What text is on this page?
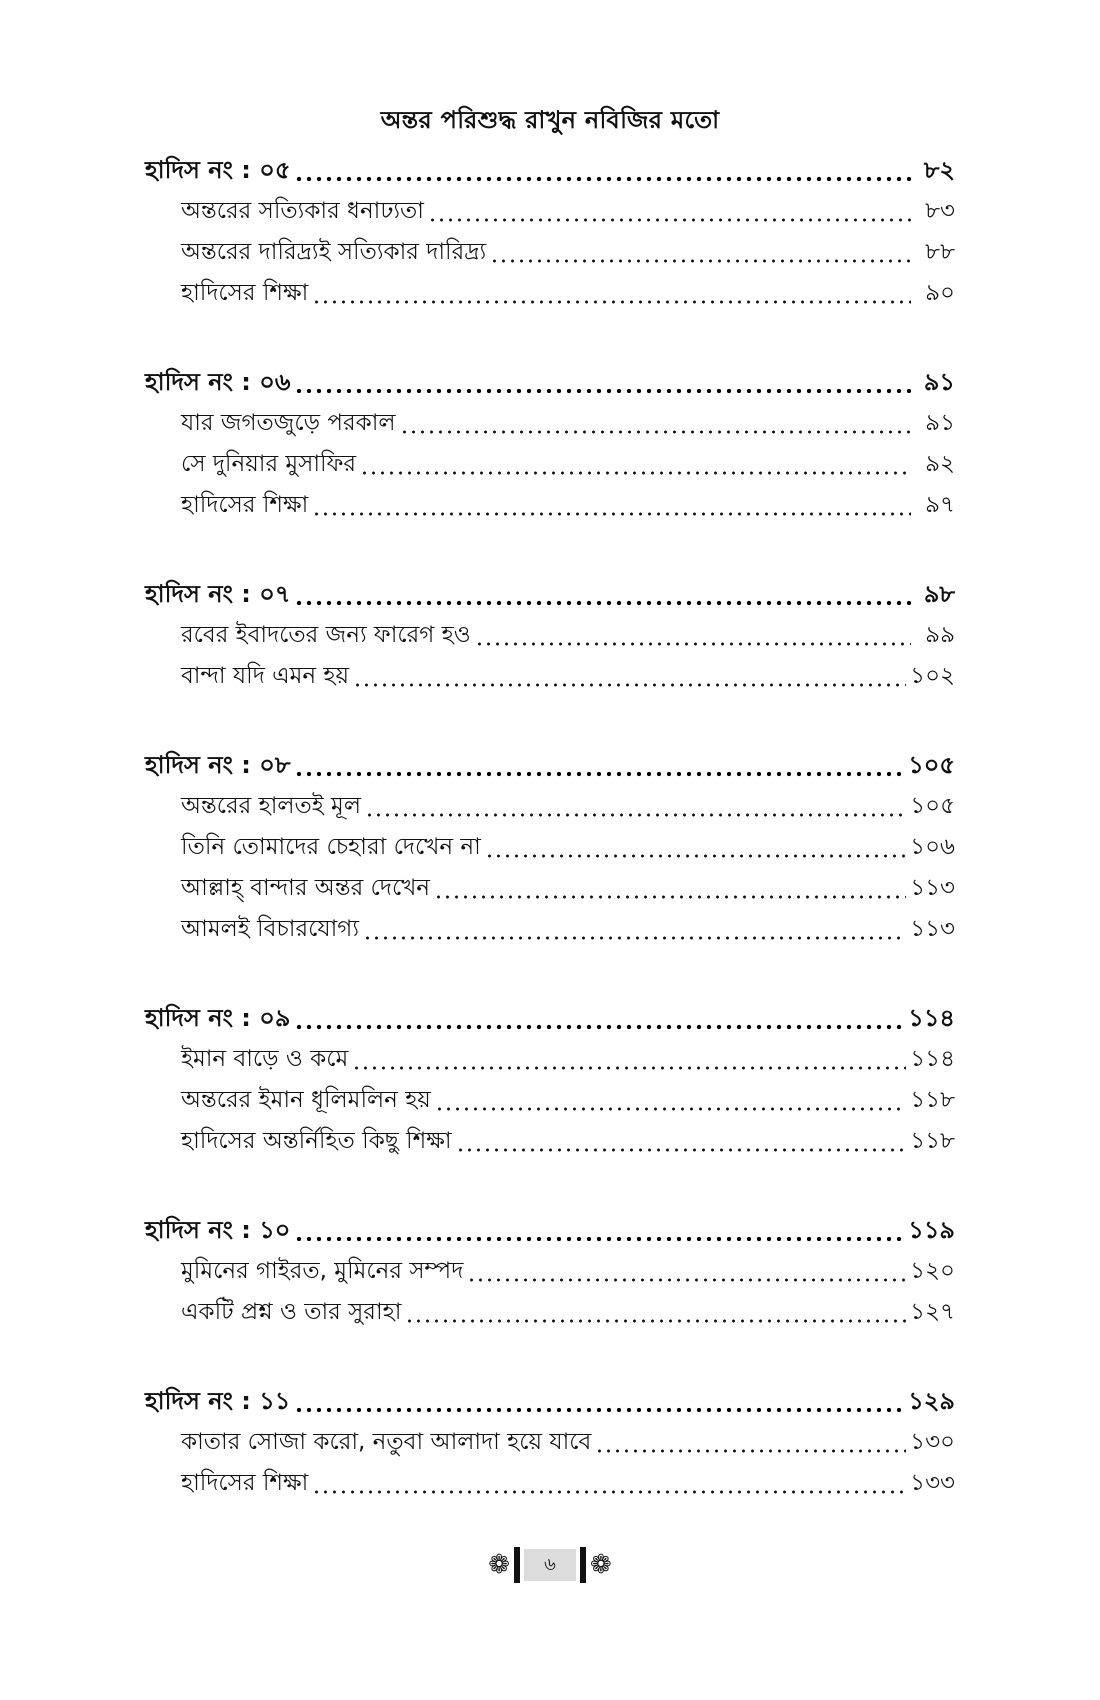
অন্তর পরিশুদ্ধ রাখুন নবিজির মতো
হাদিস নং : ০৫	৮২
অন্তরের সত্যিকার ধনাঢ্যতা	৮৩
অন্তরের দারিদ্র্যই সত্যিকার দারিদ্র্য	৮৮
হাদিসের শিক্ষা	৯০
হাদিস নং : ০৬	৯১
যার জগতজুড়ে পরকাল	৯১
সে দুনিয়ার মুসাফির	৯২
হাদিসের শিক্ষা	৯৭
হাদিস নং : ০৭	৯৮
রবের ইবাদতের জন্য ফারেগ হও	৯৯
বান্দা যদি এমন হয়	১০২
হাদিস নং : ০৮	১০৫
অন্তরের হালতই মূল	১০৫
তিনি তোমাদের চেহারা দেখেন না	১০৬
আল্লাহ্‌ বান্দার অন্তর দেখেন	১১৩
আমলই বিচারযোগ্য	১১৩
হাদিস নং : ০৯	১১৪
ইমান বাড়ে ও কমে	১১৪
অন্তরের ইমান ধূলিমলিন হয়	১১৮
হাদিসের অন্তর্নিহিত কিছু শিক্ষা	১১৮
হাদিস নং : ১০	১১৯
মুমিনের গাইরত, মুমিনের সম্পদ	১২০
একটি প্রশ্ন ও তার সুরাহা	১২৭
হাদিস নং : ১১	১২৯
কাতার সোজা করো, নতুবা আলাদা হয়ে যাবে	১৩০
হাদিসের শিক্ষা	১৩৩
❁	৬	❁
